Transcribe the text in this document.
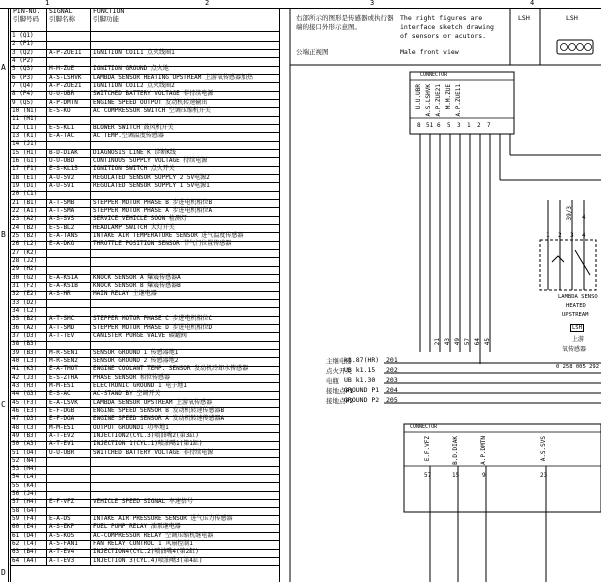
1	2	3	4
A
B
C
D
PIN-NO.
引脚号码
SIGNAL
引脚名称
FUNCTION
引脚功能
1 (Q1)
2 (P1)
3 (Q2)	A-P-ZUE11	IGNITION COIL1 点火线圈1
4 (P2)
5 (Q3)	M-M-ZUE	IGNITION GROUND 点火地
6 (P3)	A-S-LSHVK	LAMBDA SENSOR HEATING UPSTREAM 上游氧传感器加热
7 (Q4)	A-P-ZUE21	IGNITION COIL2 点火线圈2
8 (P4)	U-U-UBR	SWITCHED BATTERY VOLTAGE 非持续电源
9 (Q5)	A-P-DMTN	ENGINE SPEED OUTPUT 发动机转速输出
10 (N1)	E-S-KO	AC COMPRESSOR SWITCH 空调压缩机开关
11 (M1)
12 (L1)	E-S-KL1	BLOWER SWITCH 鼓风机开关
13 (K1)	E-A-TAC	AC TEMP.空调温度传感器
14 (J1)
15 (H1)	B-D-DIAK	DIAGNOSIS LINE K 诊断K线
16 (G1)	U-U-UBD	CONTINOUS SUPPLY VOLTAGE 持续电源
17 (F1)	E-S-KL15	IGNITION SWITCH 点火开关
18 (E1)	A-U-5V2	REGULATED SENSOR SUPPLY 2 5V电源2
19 (D1)	A-U-5V1	REGULATED SENSOR SUPPLY 1 5V电源1
20 (C1)
21 (B1)	A-T-SMB	STEPPER MOTOR PHASE B 步进电机相位B
22 (A1)	A-T-SMA	STEPPER MOTOR PHASE A 步进电机相位A
23 (A2)	A-S-SVS	SERVICE VEHICLE SOON 检测灯
24 (B2)	E-S-BL2	HEADLAMP SWITCH 大灯开关
25 (B2)	E-A-TANS	INTAKE AIR TEMPERATURE SENSOR 进气温度传感器
26 (L2)	E-A-DKG	THROTTLE POSITION SENSOR 节气门位置传感器
27 (K2)
28 (J2)
29 (H2)
30 (G2)	E-A-KS1A	KNOCK SENSOR A 爆震传感器A
31 (F2)	E-A-KS1B	KNOCK SENSOR B 爆震传感器B
32 (E2)	A-S-HR	MAIN RELAY 主继电器
33 (D2)
34 (C2)
35 (B2)	A-T-SMC	STEPPER MOTOR PHASE C 步进电机相位C
36 (A2)	A-T-SMD	STEPPER MOTOR PHASE D 步进电机相位D
37 (D3)	A-T-TEV	CANISTER PURGE VALVE 碳罐阀
38 (B3)
39 (B3)	M-R-SEN1	SENSOR GROUND 1 传感器地1
40 (L3)	M-R-SEN2	SENSOR GROUND 2 传感器地2
41 (K3)	E-A-TMOT	ENGINE COOLANT TEMP. SENSOR 发动机冷却水传感器
42 (J3)	E-S-ZTHA	PHASE SENSOR 相位传感器
43 (H3)	M-M-ES1	ELECTRONIC GROUND 1 电子地1
44 (G3)	E-S-AC	AC-STAND BY 空调开关
45 (F3)	E-A-LSVK	LAMBDA SENSOR UPSTREAM 上游氧传感器
46 (E3)	E-F-DGB	ENGINE SPEED SENSOR B 发动机转速传感器B
47 (D3)	E-F-DGA	ENGINE SPEED SENSOR A 发动机转速传感器A
48 (C3)	M-M-ES1	OUTPUT GROUND1 功率地1
49 (B3)	A-T-EV2	INJECTION2(CYL.3)喷油嘴2(第3缸)
50 (A3)	A-T-EV1	INJECTION 1(CYL.1)喷油嘴1(第1缸)
51 (O4)	U-U-UBR	SWITCHED BATTERY VOLTAGE 非持续电源
52 (N4)
53 (M4)
54 (L4)
55 (K4)
56 (J4)
57 (H4)	E-F-VFZ	VEHICLE SPEED SIGNAL 车速信号
58 (G4)
59 (F4)	E-A-DS	INTAKE AIR PRESSURE SENSOR 进气压力传感器
60 (E4)	A-S-EKP	FUEL PUMP RELAY 油泵继电器
61 (D4)	A-S-KOS	AC-COMPRESSOR RELAY 空调压缩机继电器
62 (C4)	A-S-FAN1	FAN RELAY CONTROL 1 风扇控制1
63 (B4)	A-T-EV4	INJECTION4(CYL.2)喷油嘴4(第2缸)
64 (A4)	A-T-EV3	INJECTION 3(CYL.4)喷油嘴3(第4缸)
右部所示的图形是传感器或执行器端的接口外形示意图。
The right figures are interface sketch drawing of sensors or acutors.
公端正视图	Male front view
LSH	LSH
CONNECTOR
CONNECTOR
U.U.UBR A.S.LSHVK A.P.ZUE21 M.M.ZUE A.P.ZUE11
8 51 6 5 3 1 2 7
21 43 49 57 64 45
39/3 4
1 2 3 4
LAMBDA SENSO
HEATED
UPSTREAM
LSH
上游
氧传感器
0 258 005 292
主继电器
k1.87(HR) 201
点火开关
UB k1.15 202
电瓶 UB k1.30 203
接地点P1
GROUND P1 204
接地点P2
GROUND P2 205
E.F.VFZ	B.D.DIAK	A.P.DMTN	A.S.SVS
57	15	9	23
